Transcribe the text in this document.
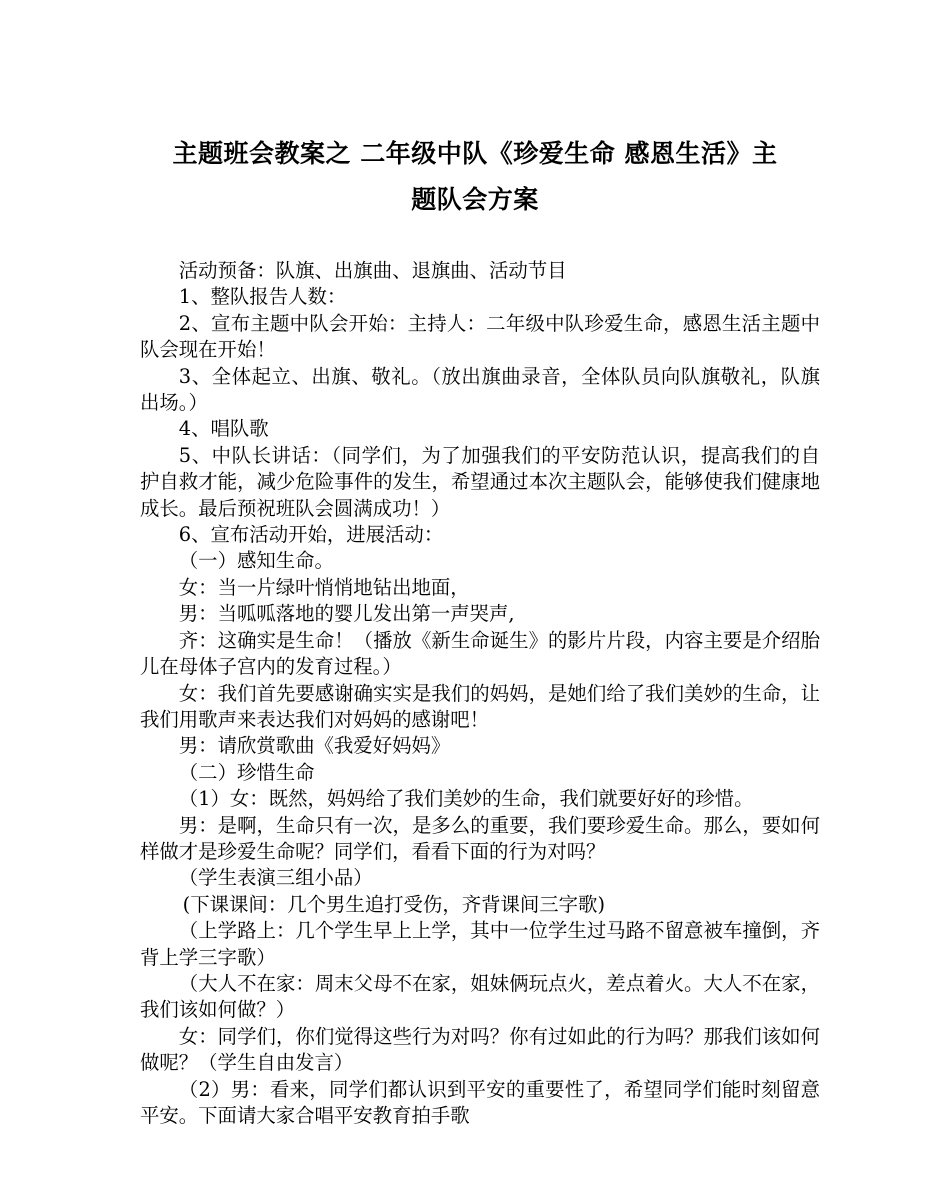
主题班会教案之 二年级中队《珍爱生命 感恩生活》主
题队会方案

活动预备：队旗、出旗曲、退旗曲、活动节目

1、整队报告人数：

2、宣布主题中队会开始：主持人：二年级中队珍爱生命，感恩生活主题中队会现在开始！

3、全体起立、出旗、敬礼。（放出旗曲录音，全体队员向队旗敬礼，队旗出场。）

4、唱队歌

5、中队长讲话：（同学们，为了加强我们的平安防范认识，提高我们的自护自救才能，减少危险事件的发生，希望通过本次主题队会，能够使我们健康地成长。最后预祝班队会圆满成功！）

6、宣布活动开始，进展活动：

（一）感知生命。

女：当一片绿叶悄悄地钻出地面，

男：当呱呱落地的婴儿发出第一声哭声,

齐：这确实是生命！（播放《新生命诞生》的影片片段，内容主要是介绍胎儿在母体子宫内的发育过程。）

女：我们首先要感谢确实实是我们的妈妈，是她们给了我们美妙的生命，让我们用歌声来表达我们对妈妈的感谢吧！

男：请欣赏歌曲《我爱好妈妈》

（二）珍惜生命

（1）女：既然，妈妈给了我们美妙的生命，我们就要好好的珍惜。

男：是啊，生命只有一次，是多么的重要，我们要珍爱生命。那么，要如何样做才是珍爱生命呢？同学们，看看下面的行为对吗？

（学生表演三组小品）

(下课课间：几个男生追打受伤，齐背课间三字歌)

（上学路上：几个学生早上上学，其中一位学生过马路不留意被车撞倒，齐背上学三字歌）

（大人不在家：周末父母不在家，姐妹俩玩点火，差点着火。大人不在家，我们该如何做？）

女：同学们，你们觉得这些行为对吗？你有过如此的行为吗？那我们该如何做呢？（学生自由发言）

（2）男：看来，同学们都认识到平安的重要性了，希望同学们能时刻留意平安。下面请大家合唱平安教育拍手歌
